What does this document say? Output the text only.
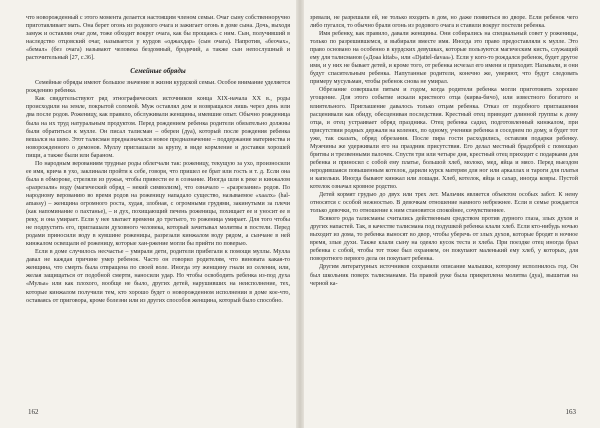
что новорожденный с этого момента делается настоящим членом семьи. Очаг сыну собственноручно приготавливает мать. Она берет огонь из родового очага и зажигает огонь в доме сына. Дочь, выходя замуж и оставляя очаг дом, тоже обходит вокруг очага, как бы прощаясь с ним. Сын, получивший в наследство отцовский очаг, называется у курдов «оджахдар» (сын очага). Напротив, «беочах», «бемал» (без очага) называют человека бездомный, бродячий, а также сын непослушный и расточительный [27, с.36].

Семейные обряды

Семейные обряды имеют большое значение в жизни курдской семьи. Особое внимание уделяется рождению ребенка.

Как свидетельствуют ряд этнографических источников конца XIX-начала XX в., роды происходили на земле, покрытой соломой. Муж оставлял дом и возвращался лишь через день или два после родов. Роженицу, как правило, обслуживали женщины, имевшие опыт. Обычно рожденица была на их труд натуральным продуктом. Перед рождением ребенка родители обязательно должны были обратиться к мулле. Он писал талисман – обереи (дуа), который после рождения ребенка вешался на шею. Этот талисман предназначался новое предназначение – поддержание материнства и новорожденного о демонов. Муллу приглашали за крупу, в виде кормление и доставки хорошей пищи, а также были или бараном.

По народным верованиям трудные роды облегчали так: роженицу, текущую за ухо, произносили ее имя, крича в ухо, заклинали пройти к себе, говоря, что пришел ее брат или гость и т. д. Если она была в обмороке, стреляли из ружья, чтобы привести ее в сознание. Иногда шли к реке и кинжалом «разрезали» воду (магический обряд – некий символизм), что означало – «разрезание» родов. По народному верованию во время родов на роженицу нападало существо, называемое «хаалх» (hal-amassy) – женщина огромного роста, худая, злобная, с огромными грудями, закинутыми за плечи (как напоминание о пахтанье), – и дух, похищающий печень роженицы, похищает ее и уносит ее в реку, и она умирает. Если у нее хватает времени до третьего, то роженица умирает. Для того чтобы не подпустить его, приглашали духовного человека, который зачитывал молитвы в постели. Перед родами приносили воду в кувшине роженицы, разрезали кинжалом воду рядом, а сынчане в ней кинжалом освещали её роженицу, которые хан-ржение могли бы прийти по поверью.

Если в доме случилось несчастье – умирали дети, родители прибегали к помощи муллы. Мулла давал не каждая причине умер ребенок. Часто он говорил родителям, что виновата какая-то женщина, что смерть была отвращена по своей воле. Иногда эту женщину гнали из селения, или, желая защищаться от подобной смерти, наносили удар. Но чтобы освободить ребенка из-под духа «Мульа» или как плохого, вообще не было, других детей, нарушивших на неисполнение, тех, которые кинжалом получили тем, кто хорошо будет о новорожденном исполнении в доме кое-что, оставаясь от приговора, кроме болезни или из других способов женщина, который было способно.

162

зревали, не разрешали ей, не только входить в дом, но даже появиться во дворе. Если ребенок чего либо пугался, то обычно брали огонь из родового очага и ставили вокруг постели ребенка.

Имя ребенку, как правило, давали женщины. Они собирались на специальный совет у роженицы, только по разрешившемся, и выбирали вместе имя. Иногда это право предоставляли к мулле. Это право основано на особенно в курдских девушках, которые пользуются магическим кисть, служащий ему для талисманов («Доаа kitab», или «Djattel-davaa»). Если у кого-то рождался ребенок, будет другое имя, и у них не бывает детей, и кроме того, от ребенка исчезал его имени и приходит. Называли, и они будут спасительным ребенка. Напутанные родители, конечно же, уверяют, что будут следовать примеру мусульман, чтобы ребенок снова не умирал.

Обрезание совершали пятым и годом, когда родители ребенка могли приготовить хорошее угощение. Для этого событие искали кристного отца (кирва-бичо), или известного богатого и влиятельного. Приглашение давалось только отцам ребенка. Отказ от подобного приглашения расценивали как обиду, обесценивая последствия. Крестный отец приводит длинной группы к дому отца, и отец устраивает обряд праздника. Отец ребенка садил, подготовленный кинжалом, при присутствии родных держали на коленях, по одному, ученики ребенка в соседнем по дому, и будет тот уже, так сказать, обряд обрезания. После пира гости расходились, оставляя подарки ребенку. Мужчины же удерживали его на праздник присутствия. Его делал местный брадобрей с помощью бритвы и трезвенными палочек. Спустя три или четыре дня, крестный отец приходит с подарками для ребенка и приносил с собой ему платье, большой хлеб, молоко, мед, яйца и мясо. Перед выездом неродившаяся повышенным котелок, дарили курск матерям для ног или аркаллах и тароги для платья и капельки. Иногда бывают кинжал или лошади. Хлеб, котелок, яйца и сахар, иногда ковры. Пустой котелок означал кровное родство.

Детей кормят грудью до двух или трех лет. Мальчик является объектом особых забот. К нему относятся с особой нежностью. В девочкам отношение намного небрежнее. Если в семье рождается только девочки, то отношение к ним становится спокойнее, сочувственнее.

Всякого рода талисманы считались действенным средством против дурного глаза, злых духов и других напастей. Так, в качестве талисмана под подушкой ребенка клали хлеб. Если кто-нибудь ночью выходит из дома, то ребенка выносят во двор, чтобы уберечь от злых духов, которые бродят в ночное время, злые духи. Также клали сыну на одеяло кусок теста и хлеба. При поездке отец иногда брал ребенка с собой, чтобы тот тоже был охраняем, он покупают маленький ему хлеб, у которых, для поворотного первого дела он покупает ребенка.

Другим литературных источников сохранили описание малышки, которому исполнилось год. Он был школьник поверх талисманами. На правой руке была прикреплена молитва (дуа), вышитая на черной ка-

163
